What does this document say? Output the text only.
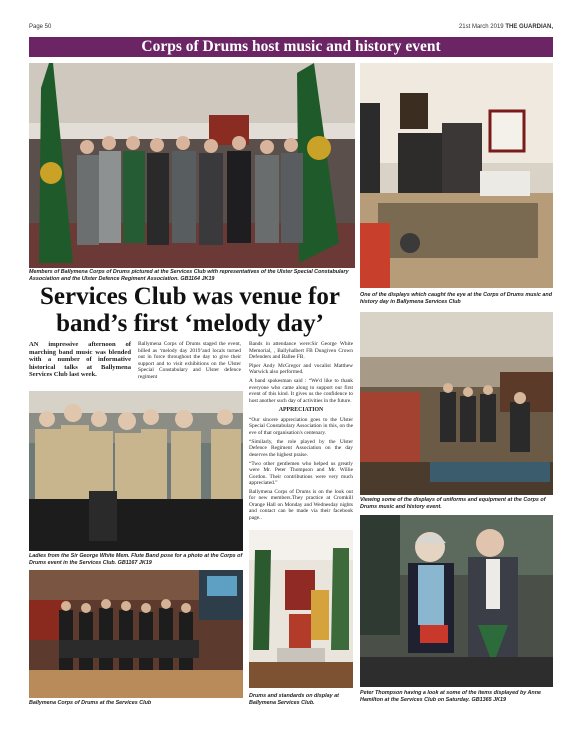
Page 50	21st March 2019 THE GUARDIAN,
Corps of Drums host music and history event
Members of Ballymena Corps of Drums pictured at the Services Club with representatives of the Ulster Special Constabulary Association and the Ulster Defence Regiment Association. GB1164 JK19
One of the displays which caught the eye at the Corps of Drums music and history day in Ballymena Services Club
Services Club was venue for
band’s first ‘melody day’

AN impressive afternoon of marching band music was blended with a number of informative historical talks at Ballymena Services Club last week.

Ballymena Corps of Drums staged the event, billed as ‘melody day 2019’and locals turned out in force throughout the day to give their support and to visit exhibitions on the Ulster Special Constabulary and Ulster defence regiment

Bands in attendance were:Sir George White Memorial, , Ballyhalbert FB Dungiven Crown Defenders and Ballee FB.

Piper Andy McGregor and vocalist Matthew Warwick also performed.

A band spokesman said : “We'd like to thank everyone who came along to support our first event of this kind. It gives us the confidence to host another such day of activities in the future.

APPRECIATION

“Our sincere appreciation goes to the Ulster Special Constabulary Association in this, on the eve of that organisation's centenary.

“Similarly, the role played by the Ulster Defence Regiment Association on the day deserves the highest praise.

“Two other gentlemen who helped us greatly were Mr. Peter Thompson and Mr. Willie Gordon. Their contributions were very much appreciated.”

Ballymena Corps of Drums is on the look out for new members.They practice at Cromkill Orange Hall on Monday and Wednesday nights and contact can be made via their facebook page..

Ladies from the Sir George White Mem. Flute Band pose for a photo at the Corps of Drums event in the Services Club. GB1167 JK19
Ballymena Corps of Drums at the Services Club
Drums and standards on display at Ballymena Services Club.
Viewing some of the displays of uniforms and equipment at the Corps of Drums music and history event.
Peter Thompson having a look at some of the items displayed by Anne Hamilton at the Services Club on Saturday. GB1365 JK19
